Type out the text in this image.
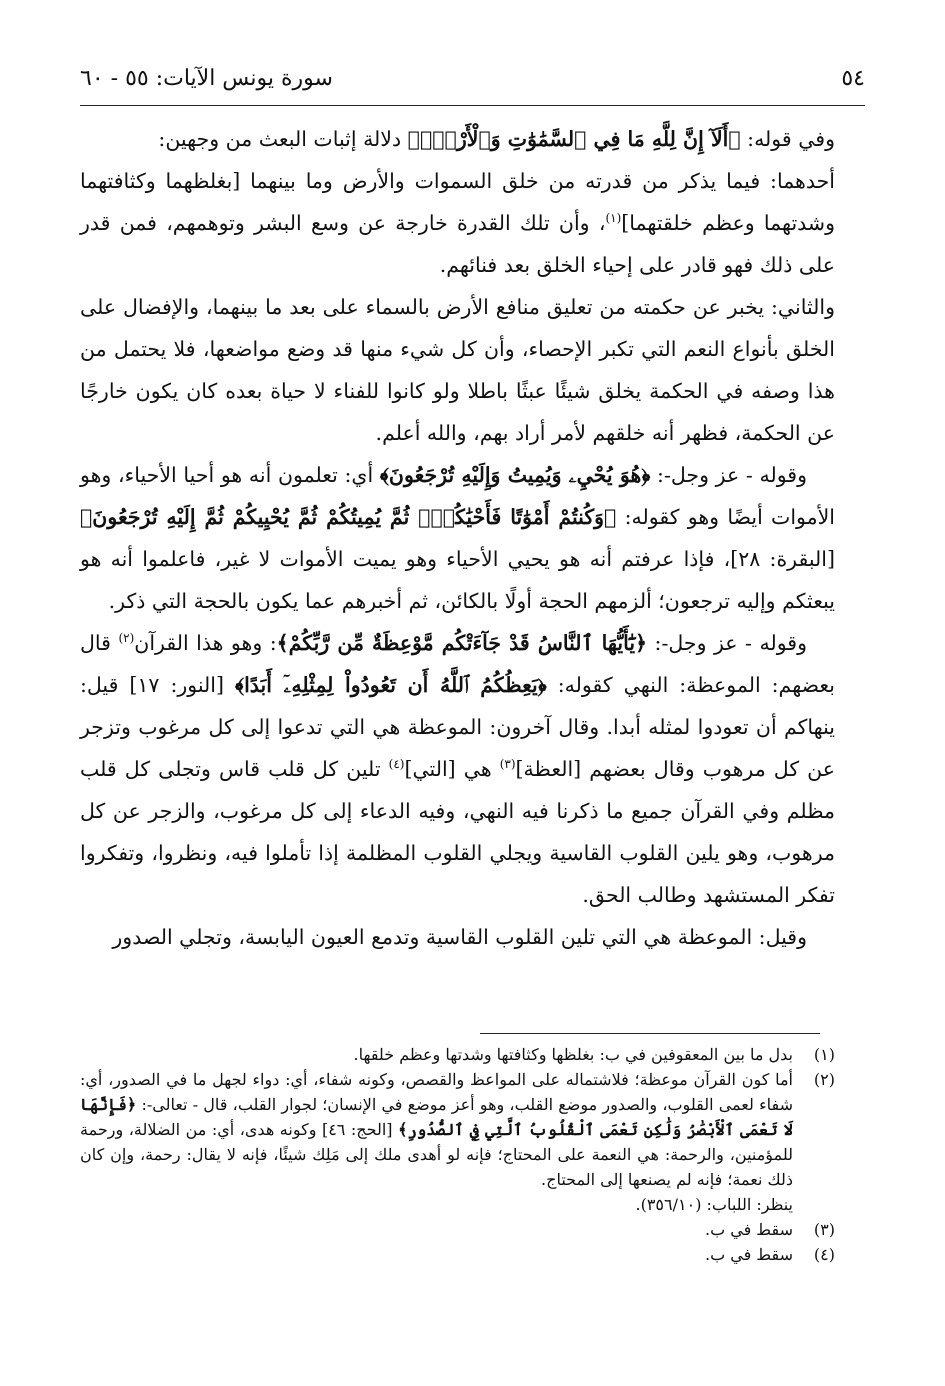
٥٤
سورة يونس الآيات: ٥٥ - ٦٠

وفي قوله: ﴿أَلَآ إِنَّ لِلَّهِ مَا فِي ٱلسَّمَٰوَٰتِ وَٱلْأَرْضِۗ﴾ دلالة إثبات البعث من وجهين:

أحدهما: فيما يذكر من قدرته من خلق السموات والأرض وما بينهما [بغلظهما وكثافتهما وشدتهما وعظم خلقتهما]$^{(١)}$، وأن تلك القدرة خارجة عن وسع البشر وتوهمهم، فمن قدر على ذلك فهو قادر على إحياء الخلق بعد فنائهم.

والثاني: يخبر عن حكمته من تعليق منافع الأرض بالسماء على بعد ما بينهما، والإفضال على الخلق بأنواع النعم التي تكبر الإحصاء، وأن كل شيء منها قد وضع مواضعها، فلا يحتمل من هذا وصفه في الحكمة يخلق شيئًا عبثًا باطلا ولو كانوا للفناء لا حياة بعده كان يكون خارجًا عن الحكمة، فظهر أنه خلقهم لأمر أراد بهم، والله أعلم.

وقوله - عز وجل-: ﴿هُوَ يُحْيِۦ وَيُمِيتُ وَإِلَيْهِ تُرْجَعُونَ﴾ أي: تعلمون أنه هو أحيا الأحياء، وهو الأموات أيضًا وهو كقوله: ﴿وَكُنتُمْ أَمْوَٰتًا فَأَحْيَٰكُمْۖ ثُمَّ يُمِيتُكُمْ ثُمَّ يُحْيِيكُمْ ثُمَّ إِلَيْهِ تُرْجَعُونَ﴾ [البقرة: ٢٨]، فإذا عرفتم أنه هو يحيي الأحياء وهو يميت الأموات لا غير، فاعلموا أنه هو يبعثكم وإليه ترجعون؛ ألزمهم الحجة أولًا بالكائن، ثم أخبرهم عما يكون بالحجة التي ذكر.

وقوله - عز وجل-: ﴿يَٰٓأَيُّهَا ٱلنَّاسُ قَدْ جَآءَتْكُم مَّوْعِظَةٌ مِّن رَّبِّكُمْ﴾: وهو هذا القرآن$^{(٢)}$ قال بعضهم: الموعظة: النهي كقوله: ﴿يَعِظُكُمُ ٱللَّهُ أَن تَعُودُواْ لِمِثْلِهِۦٓ أَبَدًا﴾ [النور: ١٧] قيل: ينهاكم أن تعودوا لمثله أبدا. وقال آخرون: الموعظة هي التي تدعوا إلى كل مرغوب وتزجر عن كل مرهوب وقال بعضهم [العظة]$^{(٣)}$ هي [التي]$^{(٤)}$ تلين كل قلب قاس وتجلى كل قلب مظلم وفي القرآن جميع ما ذكرنا فيه النهي، وفيه الدعاء إلى كل مرغوب، والزجر عن كل مرهوب، وهو يلين القلوب القاسية ويجلي القلوب المظلمة إذا تأملوا فيه، ونظروا، وتفكروا تفكر المستشهد وطالب الحق.

وقيل: الموعظة هي التي تلين القلوب القاسية وتدمع العيون اليابسة، وتجلي الصدور

(١)
بدل ما بين المعقوفين في ب: بغلظها وكثافتها وشدتها وعظم خلقها.
(٢)
أما كون القرآن موعظة؛ فلاشتماله على المواعظ والقصص، وكونه شفاء، أي: دواء لجهل ما في الصدور، أي: شفاء لعمى القلوب، والصدور موضع القلب، وهو أعز موضع في الإنسان؛ لجوار القلب، قال - تعالى-: ﴿فَإِنَّهَا لَا تَعْمَى ٱلْأَبْصَٰرُ وَلَٰكِن تَعْمَى ٱلْقُلُوبُ ٱلَّتِي فِي ٱلصُّدُورِ﴾ [الحج: ٤٦] وكونه هدى، أي: من الضلالة، ورحمة للمؤمنين، والرحمة: هي النعمة على المحتاج؛ فإنه لو أهدى ملك إلى مَلِك شيئًا، فإنه لا يقال: رحمة، وإن كان ذلك نعمة؛ فإنه لم يصنعها إلى المحتاج.
ينظر: اللباب: (٣٥٦/١٠).
(٣)
سقط في ب.
(٤)
سقط في ب.
